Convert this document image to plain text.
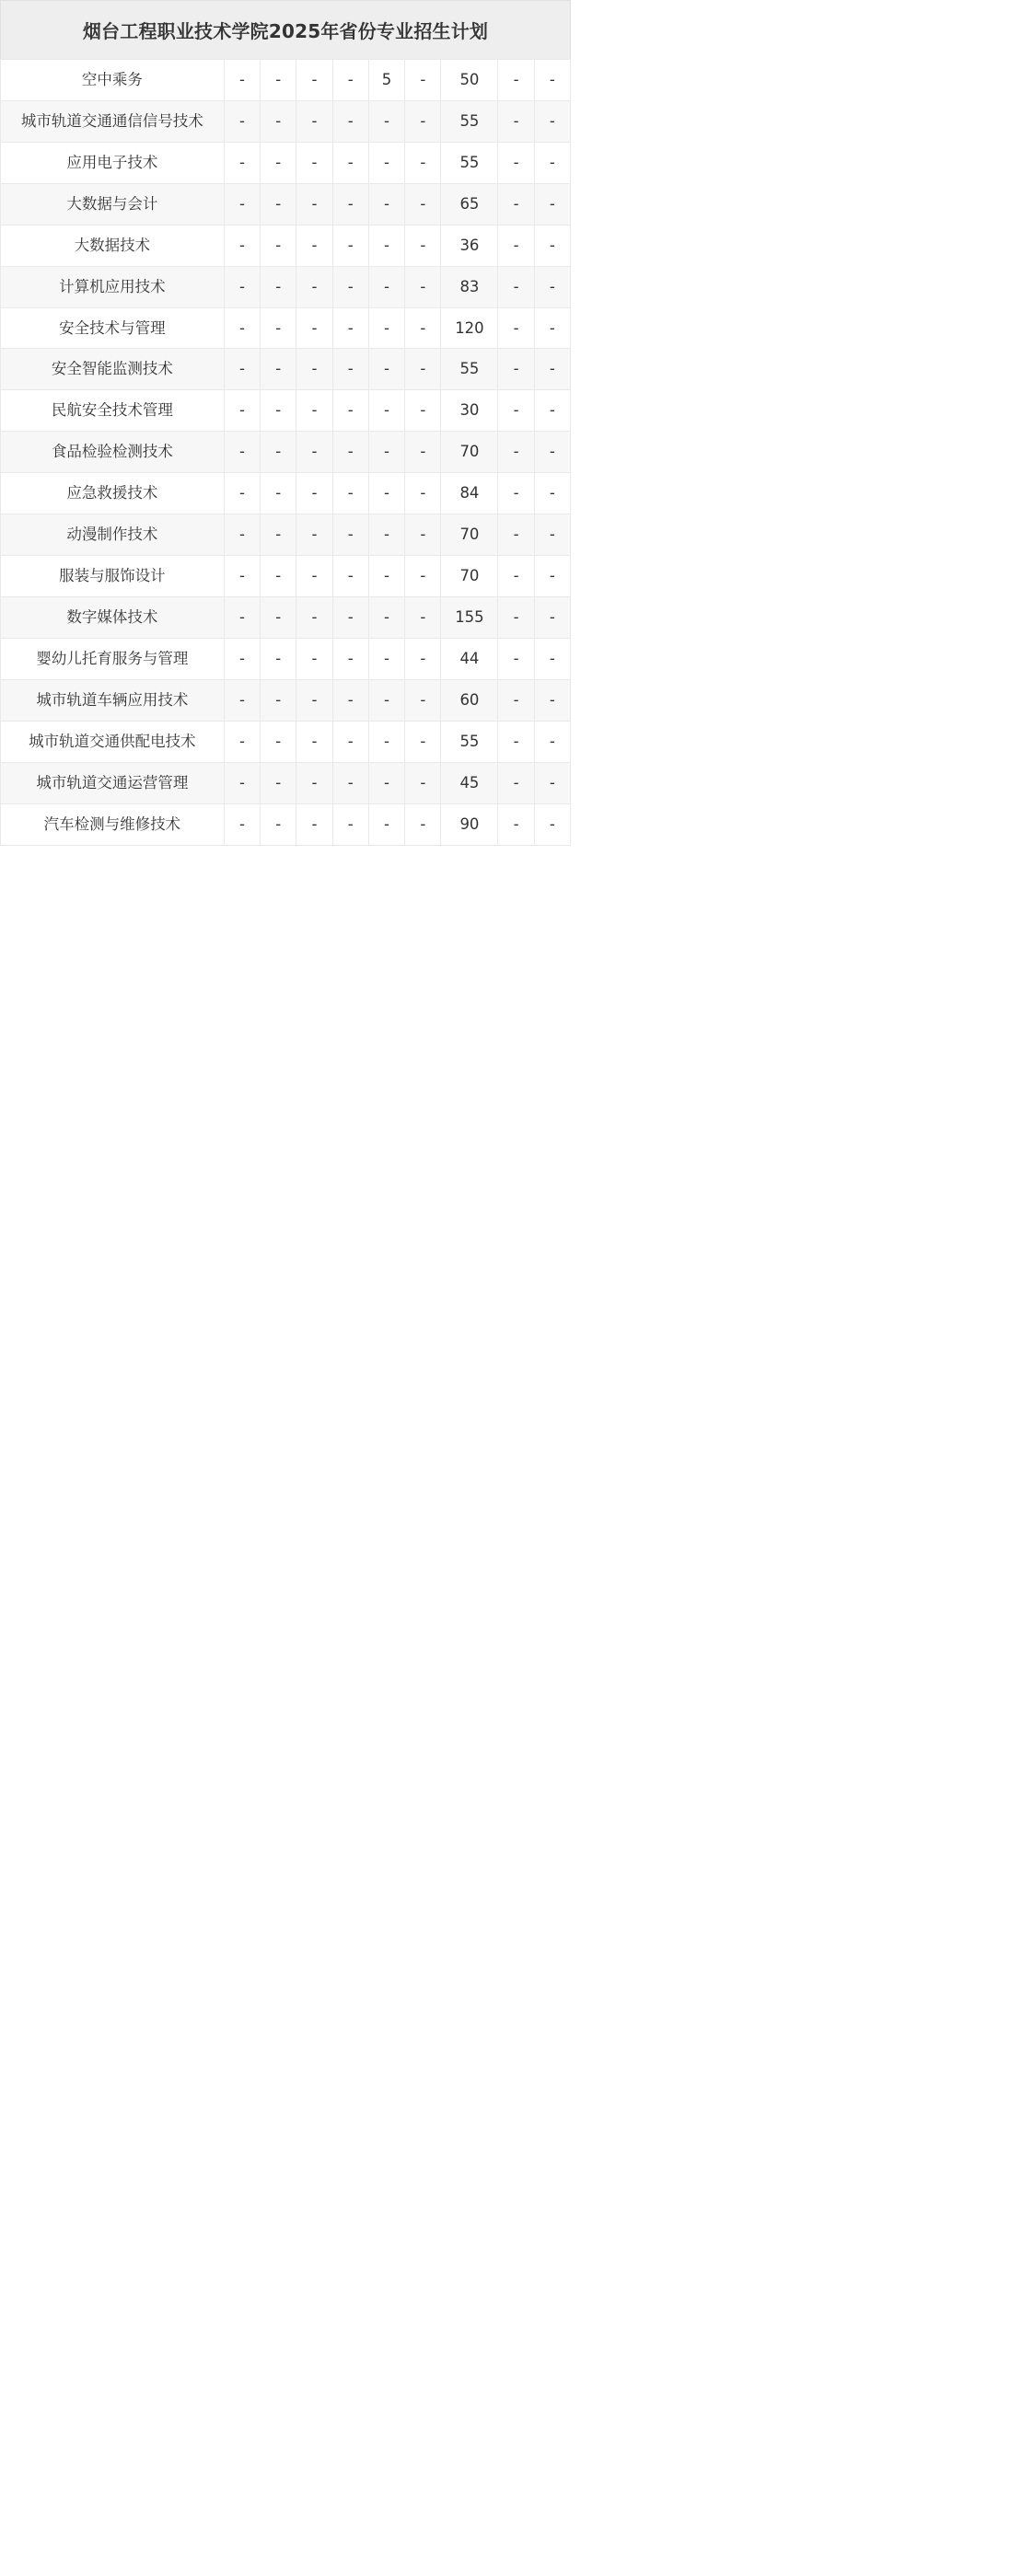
烟台工程职业技术学院2025年省份专业招生计划
空中乘务	-	-	-	-	5	-	50	-	-
城市轨道交通通信信号技术	-	-	-	-	-	-	55	-	-
应用电子技术	-	-	-	-	-	-	55	-	-
大数据与会计	-	-	-	-	-	-	65	-	-
大数据技术	-	-	-	-	-	-	36	-	-
计算机应用技术	-	-	-	-	-	-	83	-	-
安全技术与管理	-	-	-	-	-	-	120	-	-
安全智能监测技术	-	-	-	-	-	-	55	-	-
民航安全技术管理	-	-	-	-	-	-	30	-	-
食品检验检测技术	-	-	-	-	-	-	70	-	-
应急救援技术	-	-	-	-	-	-	84	-	-
动漫制作技术	-	-	-	-	-	-	70	-	-
服装与服饰设计	-	-	-	-	-	-	70	-	-
数字媒体技术	-	-	-	-	-	-	155	-	-
婴幼儿托育服务与管理	-	-	-	-	-	-	44	-	-
城市轨道车辆应用技术	-	-	-	-	-	-	60	-	-
城市轨道交通供配电技术	-	-	-	-	-	-	55	-	-
城市轨道交通运营管理	-	-	-	-	-	-	45	-	-
汽车检测与维修技术	-	-	-	-	-	-	90	-	-
